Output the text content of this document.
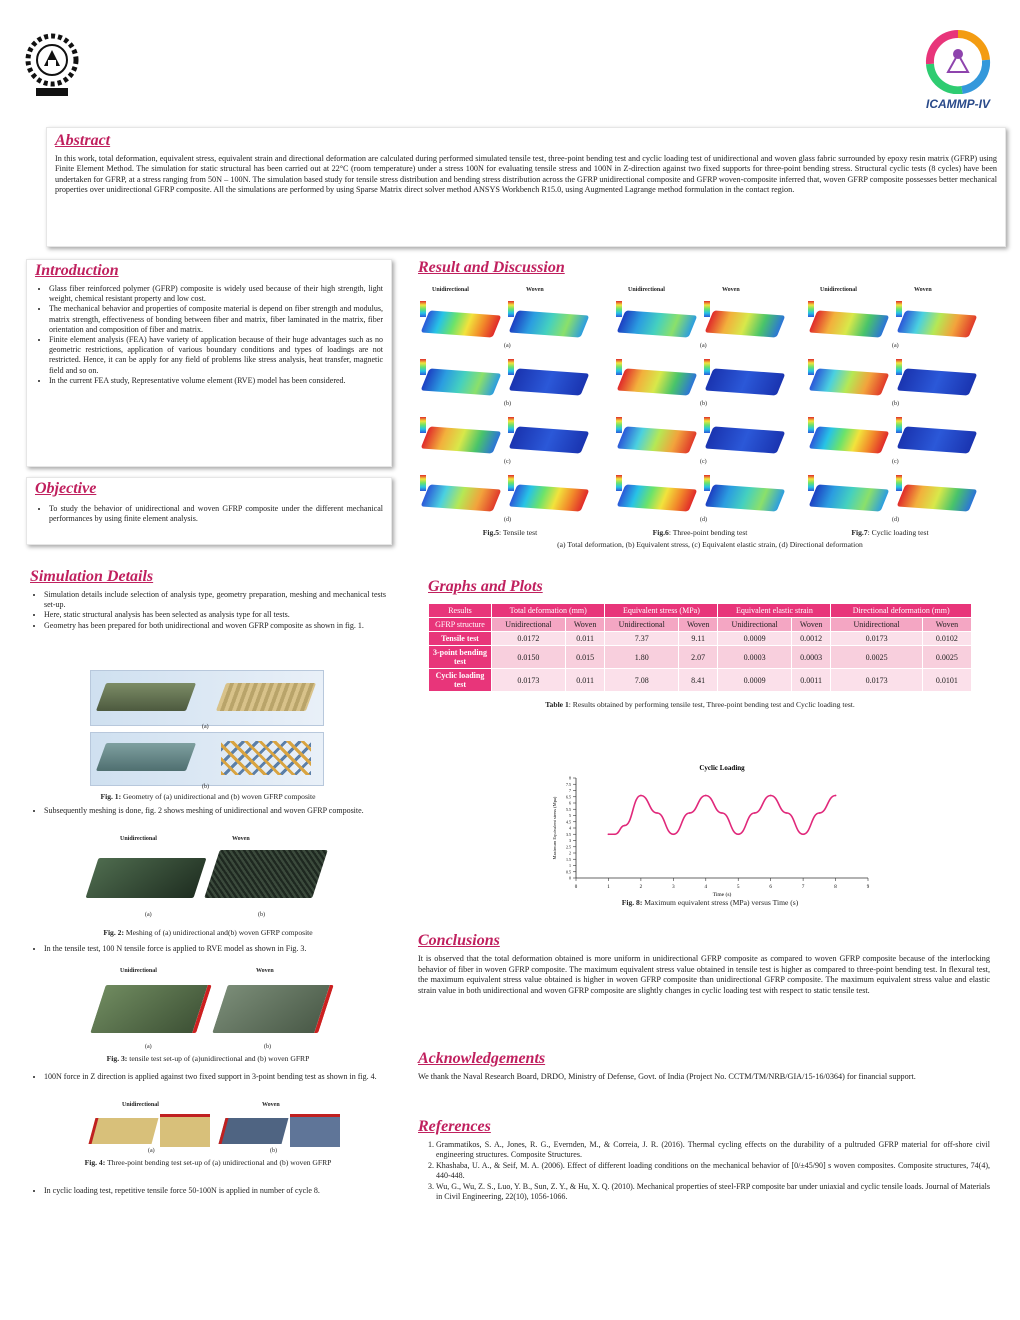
ICAMMP-IV
Abstract
In this work, total deformation, equivalent stress, equivalent strain and directional deformation are calculated during performed simulated tensile test, three-point bending test and cyclic loading test of unidirectional and woven glass fabric surrounded by epoxy resin matrix (GFRP) using Finite Element Method. The simulation for static structural has been carried out at 22°C (room temperature) under a stress 100N for evaluating tensile stress and 100N in Z-direction against two fixed supports for three-point bending stress. Structural cyclic tests (8 cycles) have been undertaken for GFRP, at a stress ranging from 50N – 100N. The simulation based study for tensile stress distribution and bending stress distribution across the GFRP unidirectional composite and GFRP woven-composite inferred that, woven GFRP composite possesses better mechanical properties over unidirectional GFRP composite. All the simulations are performed by using Sparse Matrix direct solver method ANSYS Workbench R15.0, using Augmented Lagrange method formulation in the contact region.
Introduction
• Glass fiber reinforced polymer (GFRP) composite is widely used because of their high strength, light weight, chemical resistant property and low cost.
• The mechanical behavior and properties of composite material is depend on fiber strength and modulus, matrix strength, effectiveness of bonding between fiber and matrix, fiber laminated in the matrix, fiber orientation and composition of fiber and matrix.
• Finite element analysis (FEA) have variety of application because of their huge advantages such as no geometric restrictions, application of various boundary conditions and types of loadings are not restricted. Hence, it can be apply for any field of problems like stress analysis, heat transfer, magnetic field and so on.
• In the current FEA study, Representative volume element (RVE) model has been considered.
Objective
• To study the behavior of unidirectional and woven GFRP composite under the different mechanical performances by using finite element analysis.
Simulation Details
• Simulation details include selection of analysis type, geometry preparation, meshing and mechanical tests set-up.
• Here, static structural analysis has been selected as analysis type for all tests.
• Geometry has been prepared for both unidirectional and woven GFRP composite as shown in fig. 1.
(a)
(b)
Fig. 1: Geometry of (a) unidirectional and (b) woven GFRP composite
• Subsequently meshing is done, fig. 2 shows meshing of unidirectional and woven GFRP composite.
Unidirectional	Woven
(a)	(b)
Fig. 2: Meshing of (a) unidirectional and(b) woven GFRP composite
• In the tensile test, 100 N tensile force is applied to RVE model as shown in Fig. 3.
Unidirectional	Woven
(a)	(b)
Fig. 3: tensile test set-up of (a)unidirectional and (b) woven GFRP
• 100N force in Z direction is applied against two fixed support in 3-point bending test as shown in fig. 4.
Unidirectional	Woven
(a)	(b)
Fig. 4: Three-point bending test set-up of (a) unidirectional and (b) woven GFRP
• In cyclic loading test, repetitive tensile force 50-100N is applied in number of cycle 8.
Result and Discussion
Unidirectional	Woven
(a)
(b)
(c)
(d)
Unidirectional	Woven
(a)
(b)
(c)
(d)
Unidirectional	Woven
(a)
(b)
(c)
(d)
Fig.5: Tensile test	Fig.6: Three-point bending test	Fig.7: Cyclic loading test
(a) Total deformation, (b) Equivalent stress, (c) Equivalent elastic strain, (d) Directional deformation
Graphs and Plots
Results	Total deformation (mm)		Equivalent stress (MPa)		Equivalent elastic strain		Directional deformation (mm)	
GFRP structure	Unidirectional	Woven	Unidirectional	Woven	Unidirectional	Woven	Unidirectional	Woven
Tensile test	0.0172	0.011	7.37	9.11	0.0009	0.0012	0.0173	0.0102
3-point bending test	0.0150	0.015	1.80	2.07	0.0003	0.0003	0.0025	0.0025
Cyclic loading test	0.0173	0.011	7.08	8.41	0.0009	0.0011	0.0173	0.0101
Table 1: Results obtained by performing tensile test, Three-point bending test and Cyclic loading test.
Cyclic Loading
0	1	2	3	4	5	6	7	8	9
0
0.5
1
1.5
2
2.5
3
3.5
4
4.5
5
5.5
6
6.5
7
7.5
8
Time (s)
Maximum Equivalent stress (Mpa)
Fig. 8: Maximum equivalent stress (MPa) versus Time (s)
Conclusions
It is observed that the total deformation obtained is more uniform in unidirectional GFRP composite as compared to woven GFRP composite because of the interlocking behavior of fiber in woven GFRP composite. The maximum equivalent stress value obtained in tensile test is higher as compared to three-point bending test. In flexural test, the maximum equivalent stress value obtained is higher in woven GFRP composite than unidirectional GFRP composite. The maximum equivalent stress value and elastic strain value in both unidirectional and woven GFRP composite are slightly changes in cyclic loading test with respect to static tensile test.
Acknowledgements
We thank the Naval Research Board, DRDO, Ministry of Defense, Govt. of India (Project No. CCTM/TM/NRB/GIA/15-16/0364) for financial support.
References
1. Grammatikos, S. A., Jones, R. G., Evernden, M., & Correia, J. R. (2016). Thermal cycling effects on the durability of a pultruded GFRP material for off-shore civil engineering structures. Composite Structures.
2. Khashaba, U. A., & Seif, M. A. (2006). Effect of different loading conditions on the mechanical behavior of [0/±45/90] s woven composites. Composite structures, 74(4), 440-448.
3. Wu, G., Wu, Z. S., Luo, Y. B., Sun, Z. Y., & Hu, X. Q. (2010). Mechanical properties of steel-FRP composite bar under uniaxial and cyclic tensile loads. Journal of Materials in Civil Engineering, 22(10), 1056-1066.
